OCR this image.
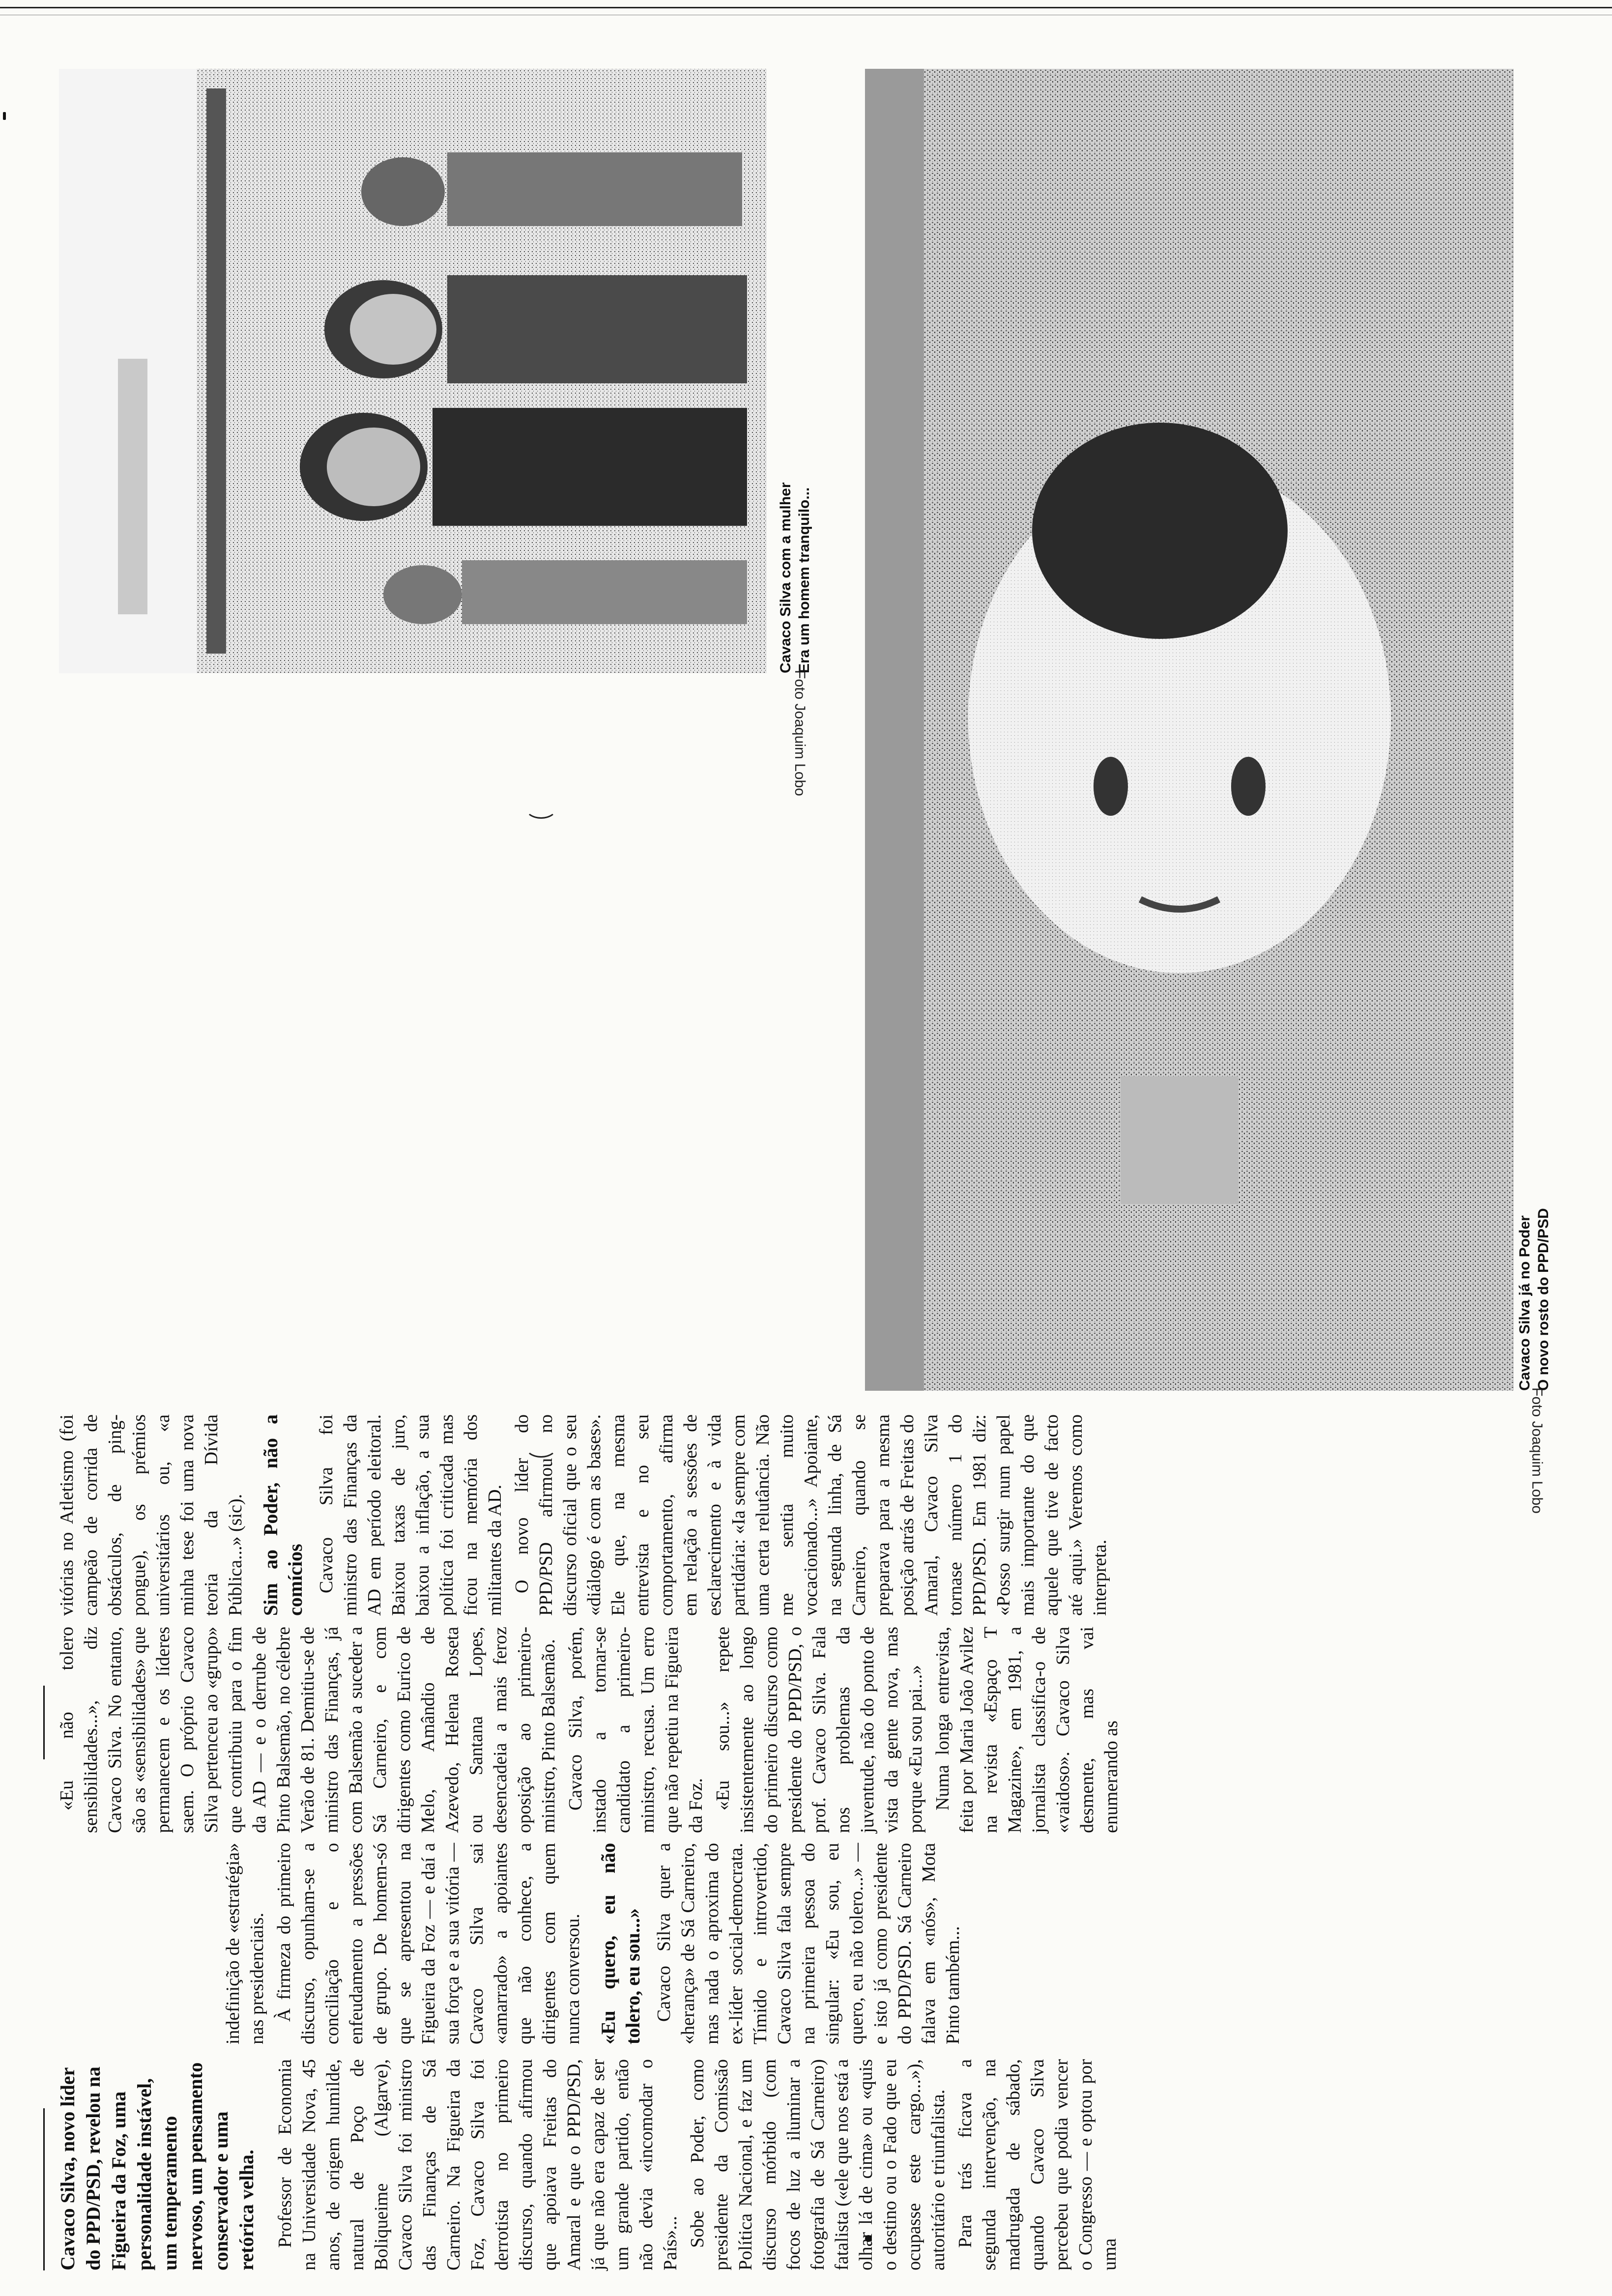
Cavaco Silva, novo líder do PPD/PSD, revelou na Figueira da Foz, uma personalidade instável, um temperamento nervoso, um pensamento conservador e uma retórica velha. Professor de Economia na Universidade Nova, 45 anos, de origem humilde, natural de Poço de Boliqueime (Algarve), Cavaco Silva foi ministro das Finanças de Sá Carneiro. Na Figueira da Foz, Cavaco Silva foi derrotista no primeiro discurso, quando afirmou que apoiava Freitas do Amaral e que o PPD/PSD, já que não era capaz de ser um grande partido, então não devia «incomodar o País»... Sobe ao Poder, como presidente da Comissão Política Nacional, e faz um discurso mórbido (com focos de luz a iluminar a fotografia de Sá Carneiro) fatalista («ele que nos está a olhar lá de cima» ou «quis o destino ou o Fado que eu ocupasse este cargo...»), autoritário e triunfalista. Para trás ficava a segunda intervenção, na madrugada de sábado, quando Cavaco Silva percebeu que podia vencer o Congresso — e optou por uma

indefinição de «estratégia» nas presidenciais. À firmeza do primeiro discurso, opunham-se a conciliação e o enfeudamento a pressões de grupo. De homem-só que se apresentou na Figueira da Foz — e daí a sua força e a sua vitória — Cavaco Silva sai «amarrado» a apoiantes que não conhece, a dirigentes com quem nunca conversou. «Eu quero, eu não tolero, eu sou...» Cavaco Silva quer a «herança» de Sá Carneiro, mas nada o aproxima do ex-líder social-democrata. Tímido e introvertido, Cavaco Silva fala sempre na primeira pessoa do singular: «Eu sou, eu quero, eu não tolero...» — e isto já como presidente do PPD/PSD. Sá Carneiro falava em «nós», Mota Pinto também...

«Eu não tolero sensibilidades...», diz Cavaco Silva. No entanto, são as «sensibilidades» que permanecem e os líderes saem. O próprio Cavaco Silva pertenceu ao «grupo» que contribuiu para o fim da AD — e o derrube de Pinto Balsemão, no célebre Verão de 81. Demitiu-se de ministro das Finanças, já com Balsemão a suceder a Sá Carneiro, e com dirigentes como Eurico de Melo, Amândio de Azevedo, Helena Roseta ou Santana Lopes, desencadeia a mais feroz oposição ao primeiro-ministro, Pinto Balsemão. Cavaco Silva, porém, instado a tornar-se candidato a primeiro-ministro, recusa. Um erro que não repetiu na Figueira da Foz. «Eu sou...» repete insistentemente ao longo do primeiro discurso como presidente do PPD/PSD, o prof. Cavaco Silva. Fala nos problemas da juventude, não do ponto de vista da gente nova, mas porque «Eu sou pai...» Numa longa entrevista, feita por Maria João Avilez na revista «Espaço T Magazine», em 1981, a jornalista classifica-o de «vaidoso». Cavaco Silva desmente, mas vai enumerando as

vitórias no Atletismo (foi campeão de corrida de obstáculos, de ping-pongue), os prémios universitários ou, «a minha tese foi uma nova teoria da Dívida Pública...» (sic). Sim ao Poder, não a comícios Cavaco Silva foi ministro das Finanças da AD em período eleitoral. Baixou taxas de juro, baixou a inflação, a sua política foi criticada mas ficou na memória dos militantes da AD. O novo líder do PPD/PSD afirmou no discurso oficial que o seu «diálogo é com as bases». Ele que, na mesma entrevista e no seu comportamento, afirma em relação a sessões de esclarecimento e à vida partidária: «Ia sempre com uma certa relutância. Não me sentia muito vocacionado...» Apoiante, na segunda linha, de Sá Carneiro, quando se preparava para a mesma posição atrás de Freitas do Amaral, Cavaco Silva tornase número 1 do PPD/PSD. Em 1981 diz: «Posso surgir num papel mais importante do que aquele que tive de facto até aqui.» Veremos como interpreta.

Foto Joaquim Lobo
Cavaco Silva com a mulher Era um homem tranquilo...
Foto Joaquim Lobo
Cavaco Silva já no Poder O novo rosto do PPD/PSD
